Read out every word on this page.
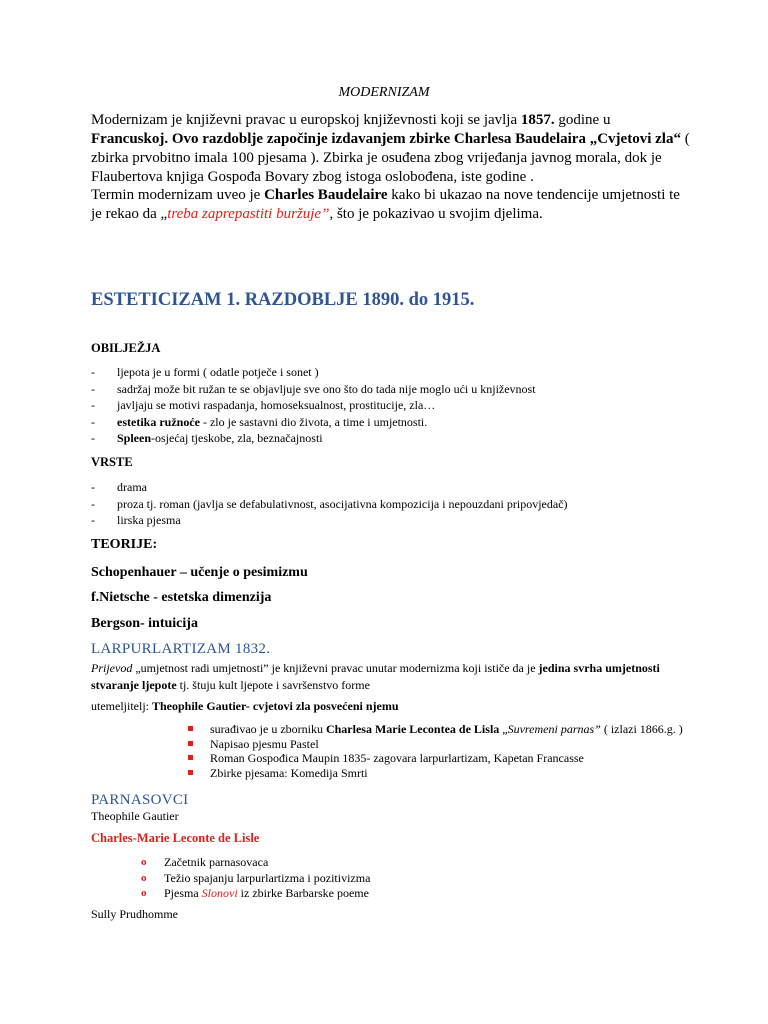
MODERNIZAM
Modernizam je književni pravac u europskoj književnosti koji se javlja 1857. godine u Francuskoj. Ovo razdoblje započinje izdavanjem zbirke Charlesa Baudelaira „Cvjetovi zla“ ( zbirka prvobitno imala 100 pjesama ). Zbirka je osuđena zbog vrijeđanja javnog morala, dok je Flaubertova knjiga Gospođa Bovary zbog istoga oslobođena, iste godine .
Termin modernizam uveo je Charles Baudelaire kako bi ukazao na nove tendencije umjetnosti te je rekao da „treba zaprepastiti buržuje”, što je pokazivao u svojim djelima.
ESTETICIZAM 1. RAZDOBLJE 1890. do 1915.
OBILJEŽJA
- ljepota je u formi ( odatle potječe i sonet )
- sadržaj može bit ružan te se objavljuje sve ono što do tada nije moglo ući u književnost
- javljaju se motivi raspadanja, homoseksualnost, prostitucije, zla…
- estetika ružnoće - zlo je sastavni dio života, a time i umjetnosti.
- Spleen-osjećaj tjeskobe, zla, beznačajnosti
VRSTE
- drama
- proza tj. roman (javlja se defabulativnost, asocijativna kompozicija i nepouzdani pripovjedač)
- lirska pjesma
TEORIJE:
Schopenhauer – učenje o pesimizmu
f.Nietsche - estetska dimenzija
Bergson- intuicija
LARPURLARTIZAM 1832.
Prijevod „umjetnost radi umjetnosti” je književni pravac unutar modernizma koji ističe da je jedina svrha umjetnosti stvaranje ljepote tj. štuju kult ljepote i savršenstvo forme
utemeljitelj: Theophile Gautier- cvjetovi zla posvećeni njemu
surađivao je u zborniku Charlesa Marie Lecontea de Lisla „Suvremeni parnas” ( izlazi 1866.g. )
Napisao pjesmu Pastel
Roman Gospođica Maupin 1835- zagovara larpurlartizam, Kapetan Francasse
Zbirke pjesama: Komedija Smrti
PARNASOVCI
Theophile Gautier
Charles-Marie Leconte de Lisle
o Začetnik parnasovaca
o Težio spajanju larpurlartizma i pozitivizma
o Pjesma Slonovi iz zbirke Barbarske poeme
Sully Prudhomme
